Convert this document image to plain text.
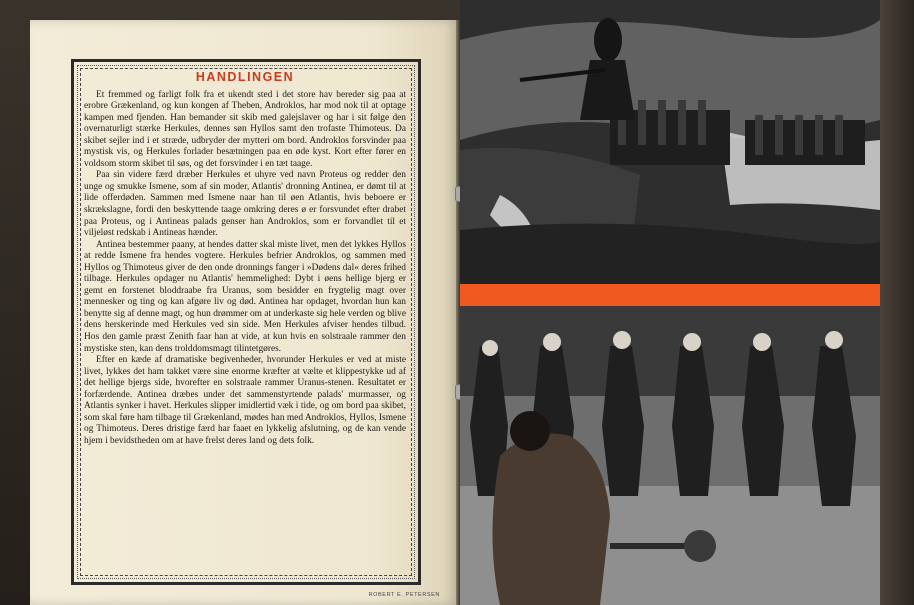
HANDLINGEN

Et fremmed og farligt folk fra et ukendt sted i det store hav bereder sig paa at erobre Grækenland, og kun kongen af Theben, Androklos, har mod nok til at optage kampen med fjenden. Han bemander sit skib med galejslaver og har i sit følge den overnaturligt stærke Herkules, dennes søn Hyllos samt den trofaste Thimoteus. Da skibet sejler ind i et stræde, udbryder der mytteri om bord. Androklos forsvinder paa mystisk vis, og Herkules forlader besætningen paa en øde kyst. Kort efter fører en voldsom storm skibet til søs, og det forsvinder i en tæt taage.

Paa sin videre færd dræber Herkules et uhyre ved navn Proteus og redder den unge og smukke Ismene, som af sin moder, Atlantis' dronning Antinea, er dømt til at lide offerdøden. Sammen med Ismene naar han til øen Atlantis, hvis beboere er skrækslagne, fordi den beskyttende taage omkring deres ø er forsvundet efter drabet paa Proteus, og i Antineas palads genser han Androklos, som er forvandlet til et viljeløst redskab i Antineas hænder.

Antinea bestemmer paany, at hendes datter skal miste livet, men det lykkes Hyllos at redde Ismene fra hendes vogtere. Herkules befrier Androklos, og sammen med Hyllos og Thimoteus giver de den onde dronnings fanger i »Dødens dal« deres frihed tilbage. Herkules opdager nu Atlantis' hemmelighed: Dybt i øens hellige bjerg er gemt en forstenet bloddraabe fra Uranus, som besidder en frygtelig magt over mennesker og ting og kan afgøre liv og død. Antinea har opdaget, hvordan hun kan benytte sig af denne magt, og hun drømmer om at underkaste sig hele verden og blive dens herskerinde med Herkules ved sin side. Men Herkules afviser hendes tilbud. Hos den gamle præst Zenith faar han at vide, at kun hvis en solstraale rammer den mystiske sten, kan dens trolddomsmagt tilintetgøres.

Efter en kæde af dramatiske begivenheder, hvorunder Herkules er ved at miste livet, lykkes det ham takket være sine enorme kræfter at vælte et klippestykke ud af det hellige bjergs side, hvorefter en solstraale rammer Uranus-stenen. Resultatet er forfærdende. Antinea dræbes under det sammenstyrtende palads' murmasser, og Atlantis synker i havet. Herkules slipper imidlertid væk i tide, og om bord paa skibet, som skal føre ham tilbage til Grækenland, mødes han med Androklos, Hyllos, Ismene og Thimoteus. Deres dristige færd har faaet en lykkelig afslutning, og de kan vende hjem i bevidstheden om at have frelst deres land og dets folk.

ROBERT E. PETERSEN
